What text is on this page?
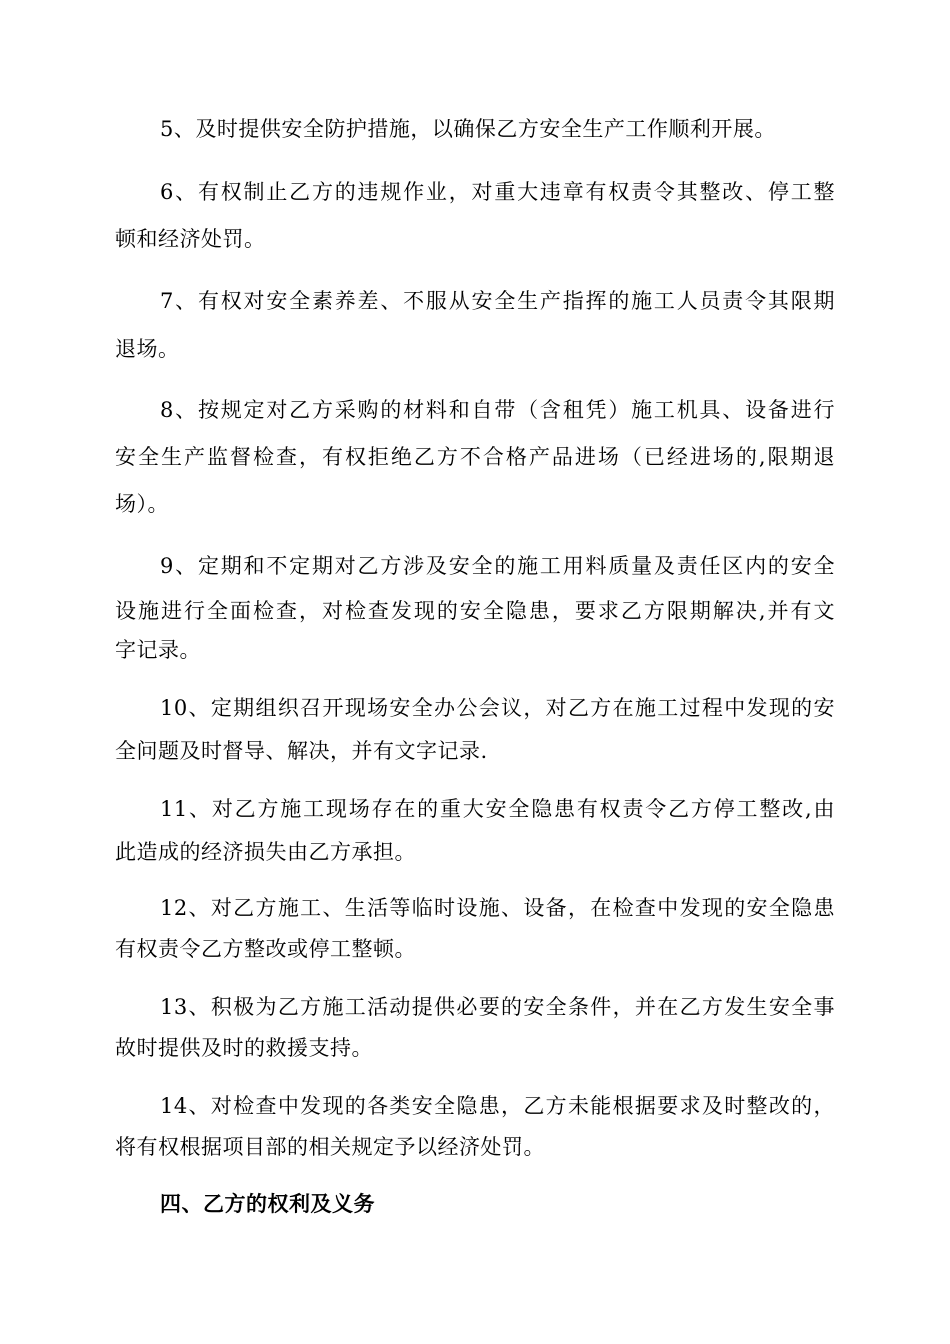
5、及时提供安全防护措施，以确保乙方安全生产工作顺利开展。
6、有权制止乙方的违规作业，对重大违章有权责令其整改、停工整
顿和经济处罚。
7、有权对安全素养差、不服从安全生产指挥的施工人员责令其限期
退场。
8、按规定对乙方采购的材料和自带（含租凭）施工机具、设备进行
安全生产监督检查，有权拒绝乙方不合格产品进场（已经进场的,限期退
场）。
9、定期和不定期对乙方涉及安全的施工用料质量及责任区内的安全
设施进行全面检查，对检查发现的安全隐患，要求乙方限期解决,并有文
字记录。
10、定期组织召开现场安全办公会议，对乙方在施工过程中发现的安
全问题及时督导、解决，并有文字记录.
11、对乙方施工现场存在的重大安全隐患有权责令乙方停工整改,由
此造成的经济损失由乙方承担。
12、对乙方施工、生活等临时设施、设备，在检查中发现的安全隐患
有权责令乙方整改或停工整顿。
13、积极为乙方施工活动提供必要的安全条件，并在乙方发生安全事
故时提供及时的救援支持。
14、对检查中发现的各类安全隐患，乙方未能根据要求及时整改的，
将有权根据项目部的相关规定予以经济处罚。
四、乙方的权利及义务
